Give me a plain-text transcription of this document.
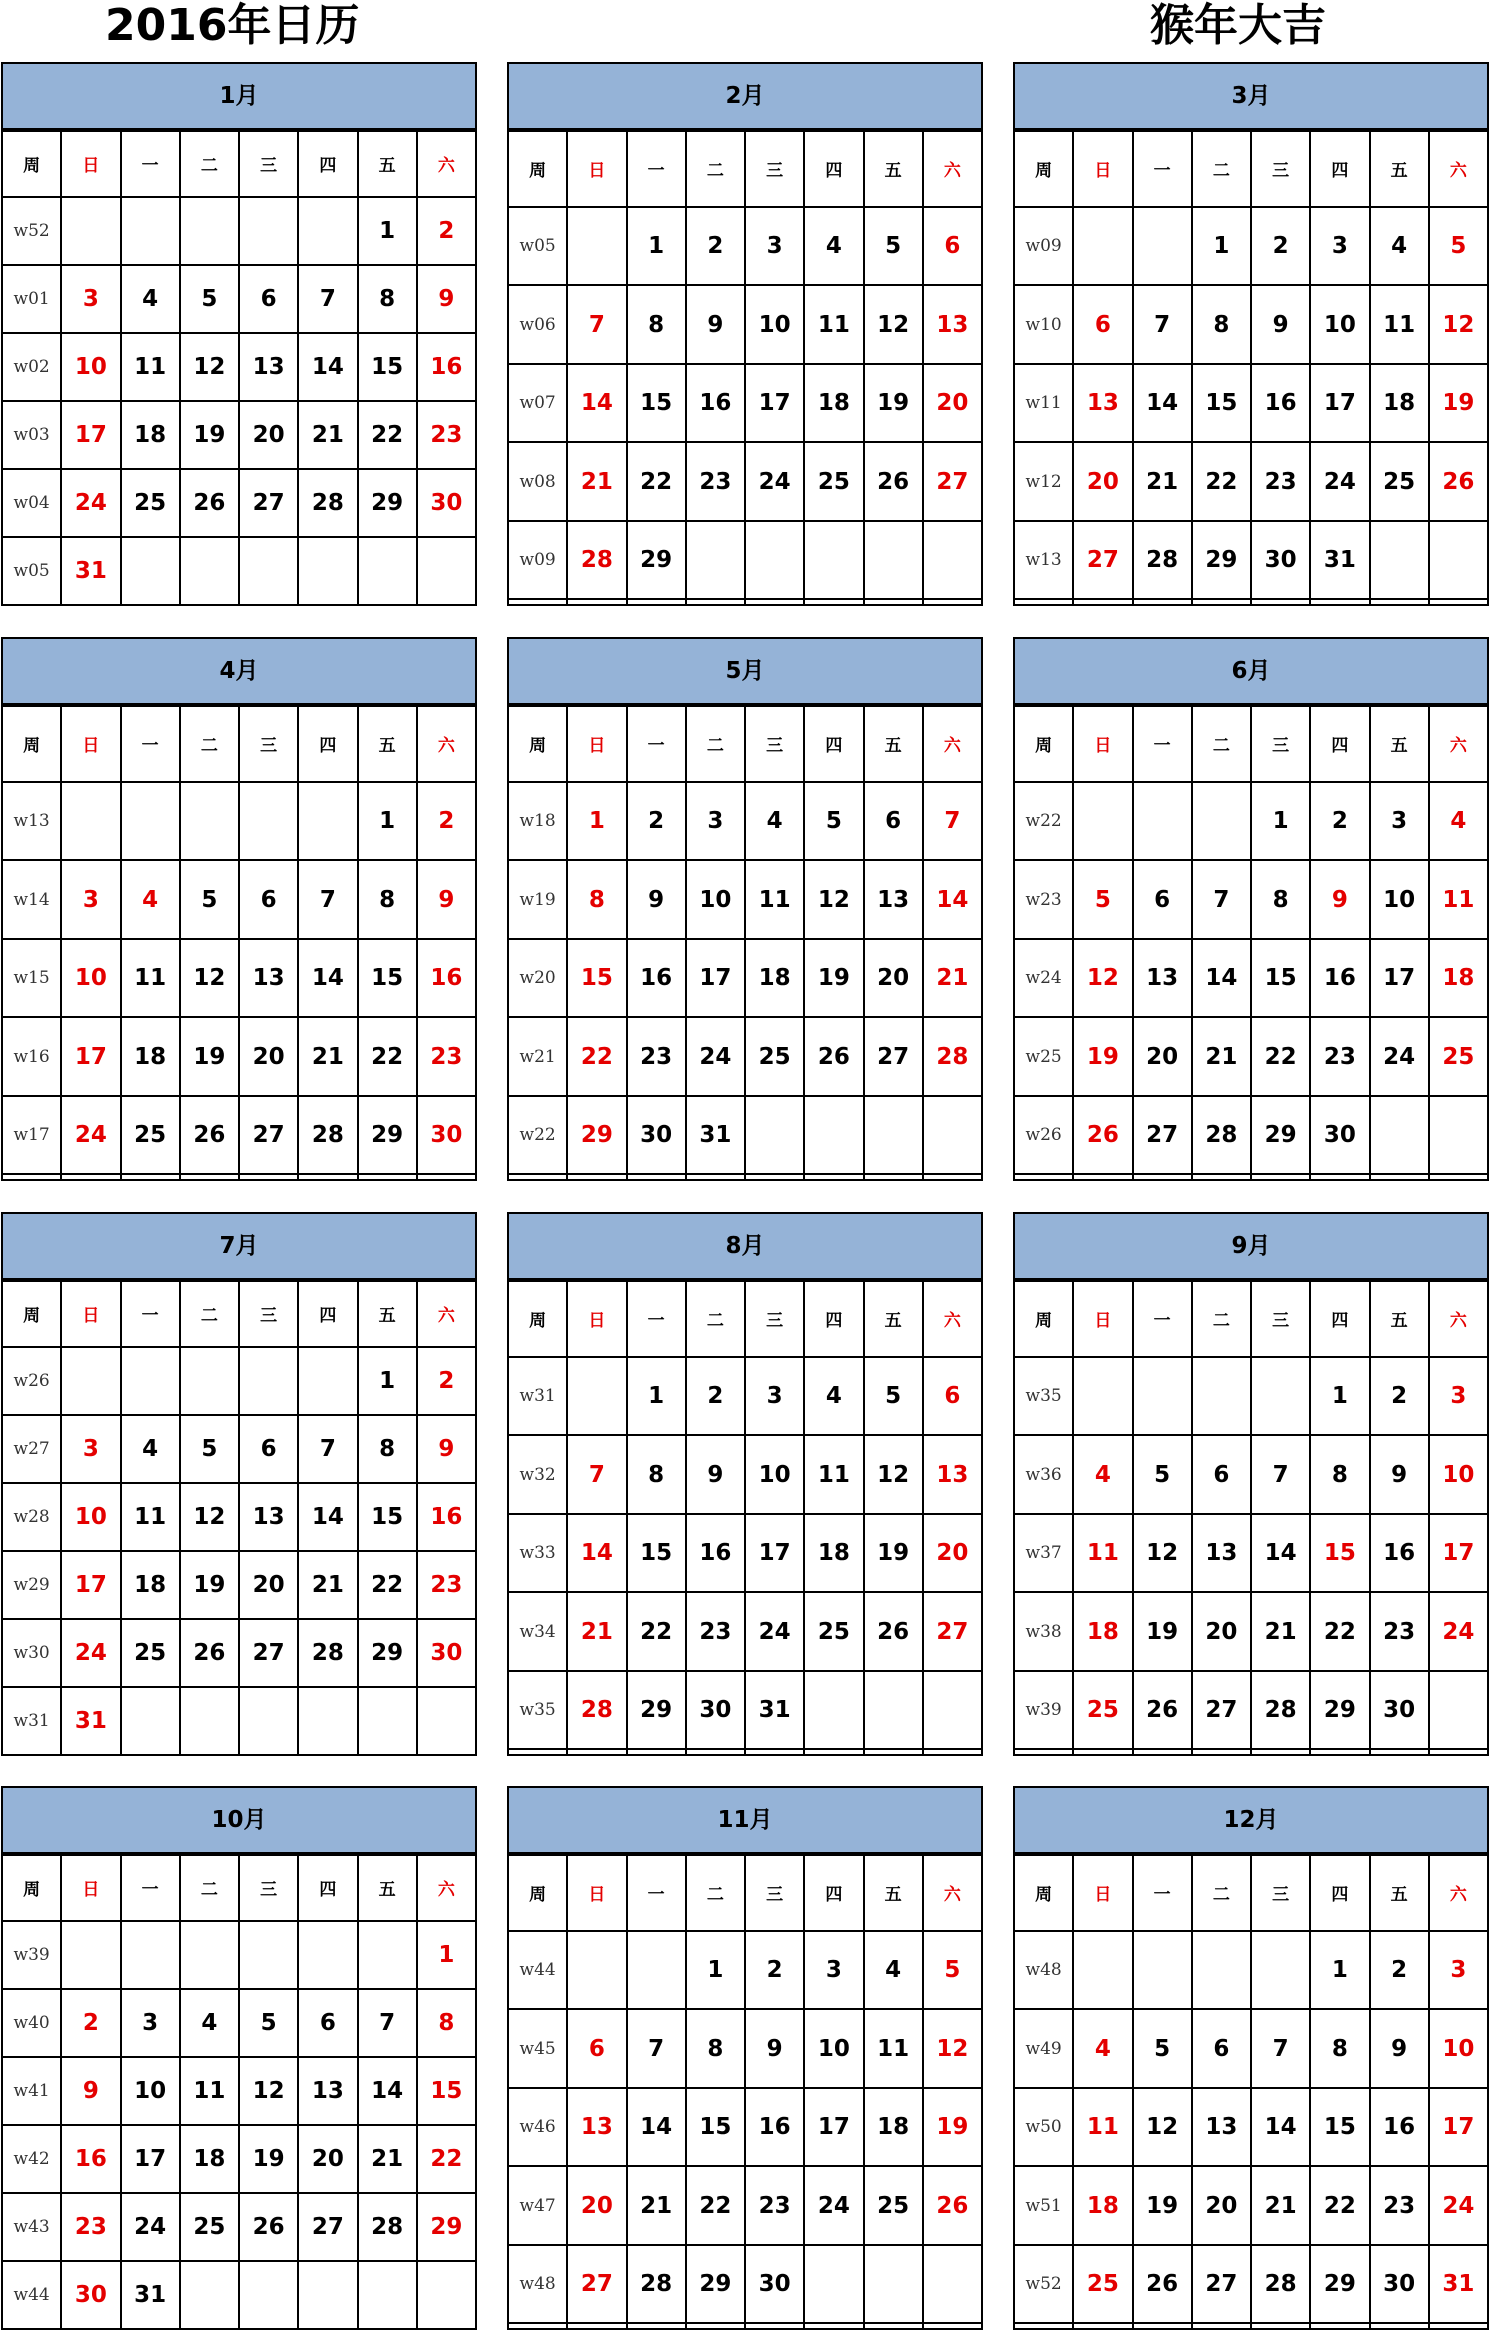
2016年日历	猴年大吉
1月
周	日	一	二	三	四	五	六
w52						1	2
w01	3	4	5	6	7	8	9
w02	10	11	12	13	14	15	16
w03	17	18	19	20	21	22	23
w04	24	25	26	27	28	29	30
w05	31						
2月
周	日	一	二	三	四	五	六
w05		1	2	3	4	5	6
w06	7	8	9	10	11	12	13
w07	14	15	16	17	18	19	20
w08	21	22	23	24	25	26	27
w09	28	29					

3月
周	日	一	二	三	四	五	六
w09			1	2	3	4	5
w10	6	7	8	9	10	11	12
w11	13	14	15	16	17	18	19
w12	20	21	22	23	24	25	26
w13	27	28	29	30	31		

4月
周	日	一	二	三	四	五	六
w13						1	2
w14	3	4	5	6	7	8	9
w15	10	11	12	13	14	15	16
w16	17	18	19	20	21	22	23
w17	24	25	26	27	28	29	30

5月
周	日	一	二	三	四	五	六
w18	1	2	3	4	5	6	7
w19	8	9	10	11	12	13	14
w20	15	16	17	18	19	20	21
w21	22	23	24	25	26	27	28
w22	29	30	31				

6月
周	日	一	二	三	四	五	六
w22				1	2	3	4
w23	5	6	7	8	9	10	11
w24	12	13	14	15	16	17	18
w25	19	20	21	22	23	24	25
w26	26	27	28	29	30		

7月
周	日	一	二	三	四	五	六
w26						1	2
w27	3	4	5	6	7	8	9
w28	10	11	12	13	14	15	16
w29	17	18	19	20	21	22	23
w30	24	25	26	27	28	29	30
w31	31						
8月
周	日	一	二	三	四	五	六
w31		1	2	3	4	5	6
w32	7	8	9	10	11	12	13
w33	14	15	16	17	18	19	20
w34	21	22	23	24	25	26	27
w35	28	29	30	31			

9月
周	日	一	二	三	四	五	六
w35					1	2	3
w36	4	5	6	7	8	9	10
w37	11	12	13	14	15	16	17
w38	18	19	20	21	22	23	24
w39	25	26	27	28	29	30	

10月
周	日	一	二	三	四	五	六
w39							1
w40	2	3	4	5	6	7	8
w41	9	10	11	12	13	14	15
w42	16	17	18	19	20	21	22
w43	23	24	25	26	27	28	29
w44	30	31					
11月
周	日	一	二	三	四	五	六
w44			1	2	3	4	5
w45	6	7	8	9	10	11	12
w46	13	14	15	16	17	18	19
w47	20	21	22	23	24	25	26
w48	27	28	29	30			

12月
周	日	一	二	三	四	五	六
w48					1	2	3
w49	4	5	6	7	8	9	10
w50	11	12	13	14	15	16	17
w51	18	19	20	21	22	23	24
w52	25	26	27	28	29	30	31
